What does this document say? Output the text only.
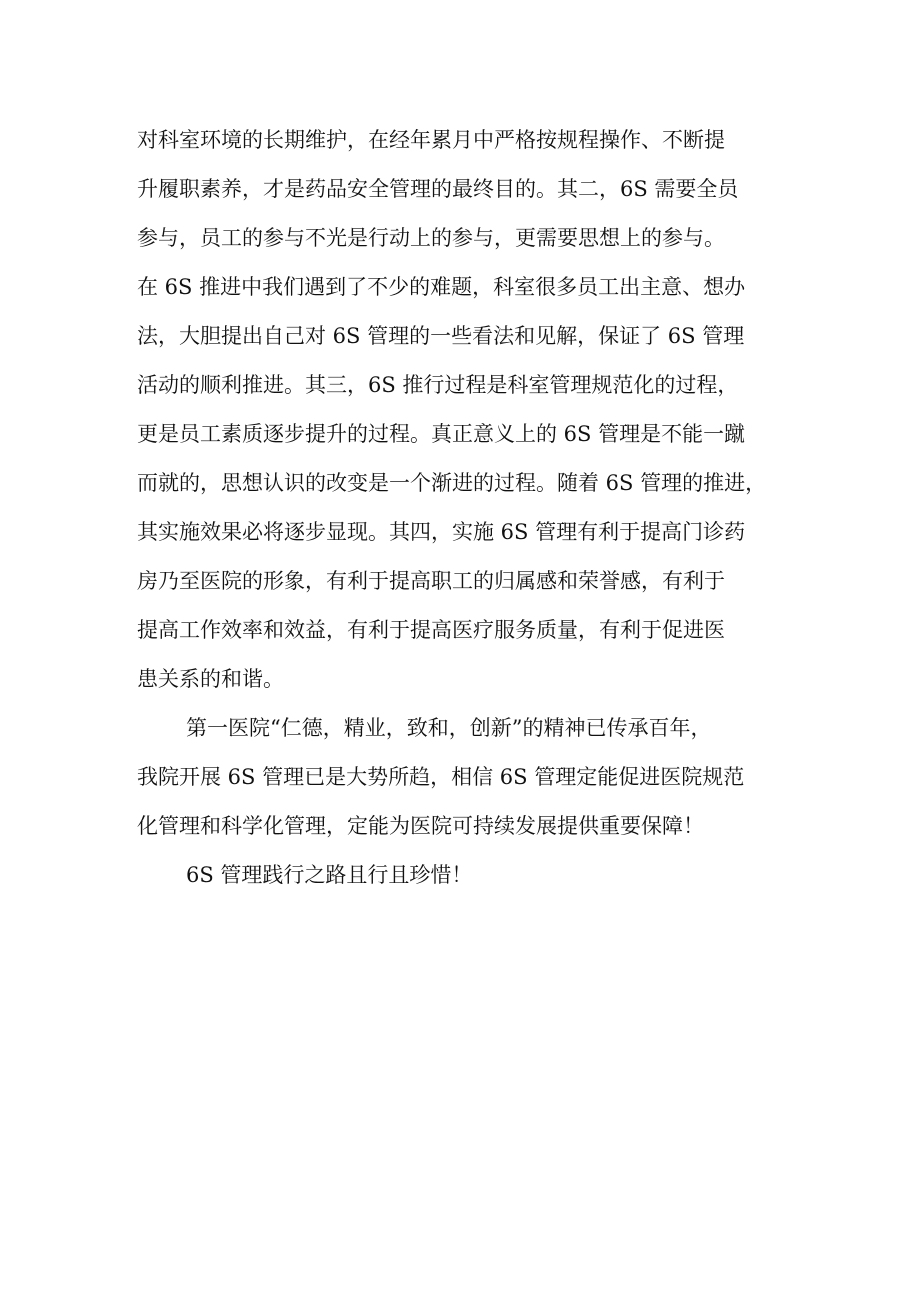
对科室环境的长期维护，在经年累月中严格按规程操作、不断提
升履职素养，才是药品安全管理的最终目的。其二，6S 需要全员
参与，员工的参与不光是行动上的参与，更需要思想上的参与。
在 6S 推进中我们遇到了不少的难题，科室很多员工出主意、想办
法，大胆提出自己对 6S 管理的一些看法和见解，保证了 6S 管理
活动的顺利推进。其三，6S 推行过程是科室管理规范化的过程，
更是员工素质逐步提升的过程。真正意义上的 6S 管理是不能一蹴
而就的，思想认识的改变是一个渐进的过程。随着 6S 管理的推进，
其实施效果必将逐步显现。其四，实施 6S 管理有利于提高门诊药
房乃至医院的形象，有利于提高职工的归属感和荣誉感，有利于
提高工作效率和效益，有利于提高医疗服务质量，有利于促进医
患关系的和谐。
第一医院“仁德，精业，致和，创新”的精神已传承百年，
我院开展 6S 管理已是大势所趋，相信 6S 管理定能促进医院规范
化管理和科学化管理，定能为医院可持续发展提供重要保障！
6S 管理践行之路且行且珍惜！
